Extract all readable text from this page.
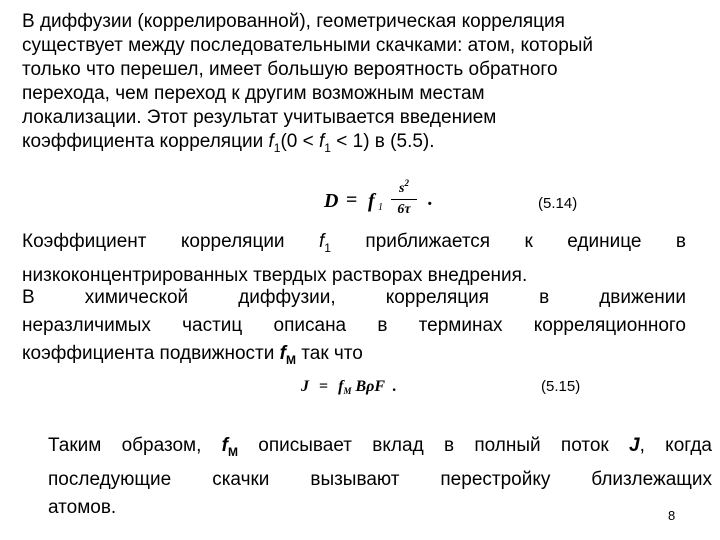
В диффузии (коррелированной), геометрическая корреляция
существует между последовательными скачками: атом, который
только что перешел, имеет большую вероятность обратного
перехода, чем переход к другим возможным местам
локализации. Этот результат учитывается введением
коэффициента корреляции $f_1(0 < f_1 < 1)$ в (5.5).
D = f 1
$s^2$
6τ .	(5.14)
Коэффициент корреляции $f_1$ приближается к единице в
низкоконцентрированных твердых растворах внедрения.
В химической диффузии, корреляция в движении
неразличимых частиц описана в терминах корреляционного
коэффициента подвижности $f_M$ так что
J = fM BρF .	(5.15)
Таким образом, $f_M$ описывает вклад в полный поток J, когда
последующие скачки вызывают перестройку близлежащих
атомов.	8
